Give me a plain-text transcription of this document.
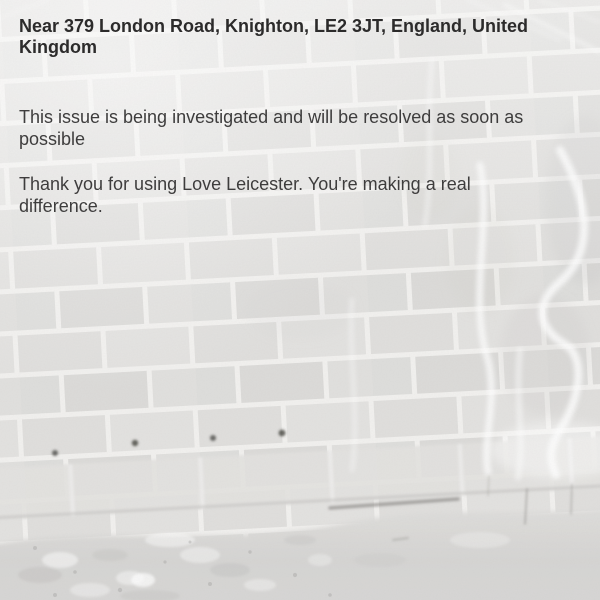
Near 379 London Road, Knighton, LE2 3JT, England, United Kingdom

This issue is being investigated and will be resolved as soon as possible

Thank you for using Love Leicester. You're making a real difference.
